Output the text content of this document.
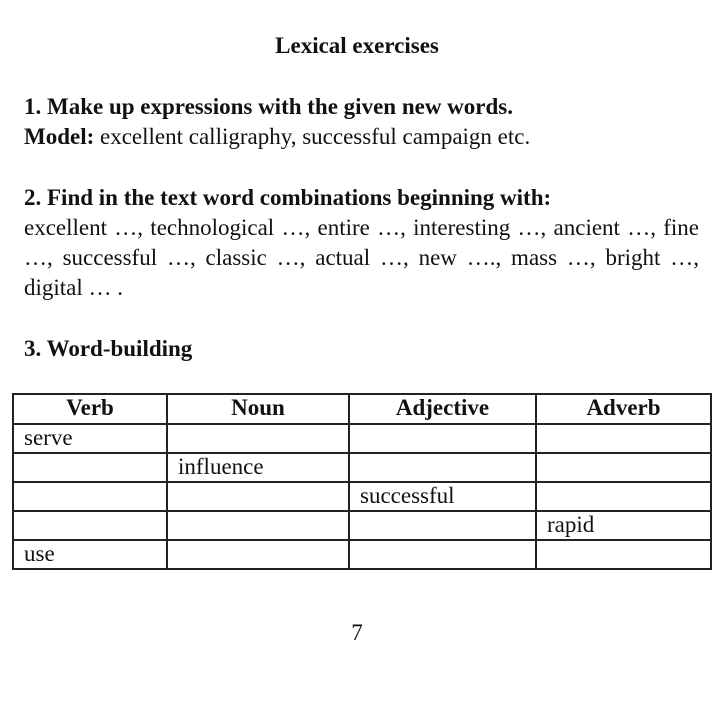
Lexical exercises
1. Make up expressions with the given new words.
Model: excellent calligraphy, successful campaign etc.
2. Find in the text word combinations beginning with:
excellent …, technological …, entire …, interesting …, ancient …, fine …, successful …, classic …, actual …, new …., mass …, bright …, digital … .
3. Word-building
Verb	Noun	Adjective	Adverb
serve			
	influence		
		successful	
			rapid
use			
7
